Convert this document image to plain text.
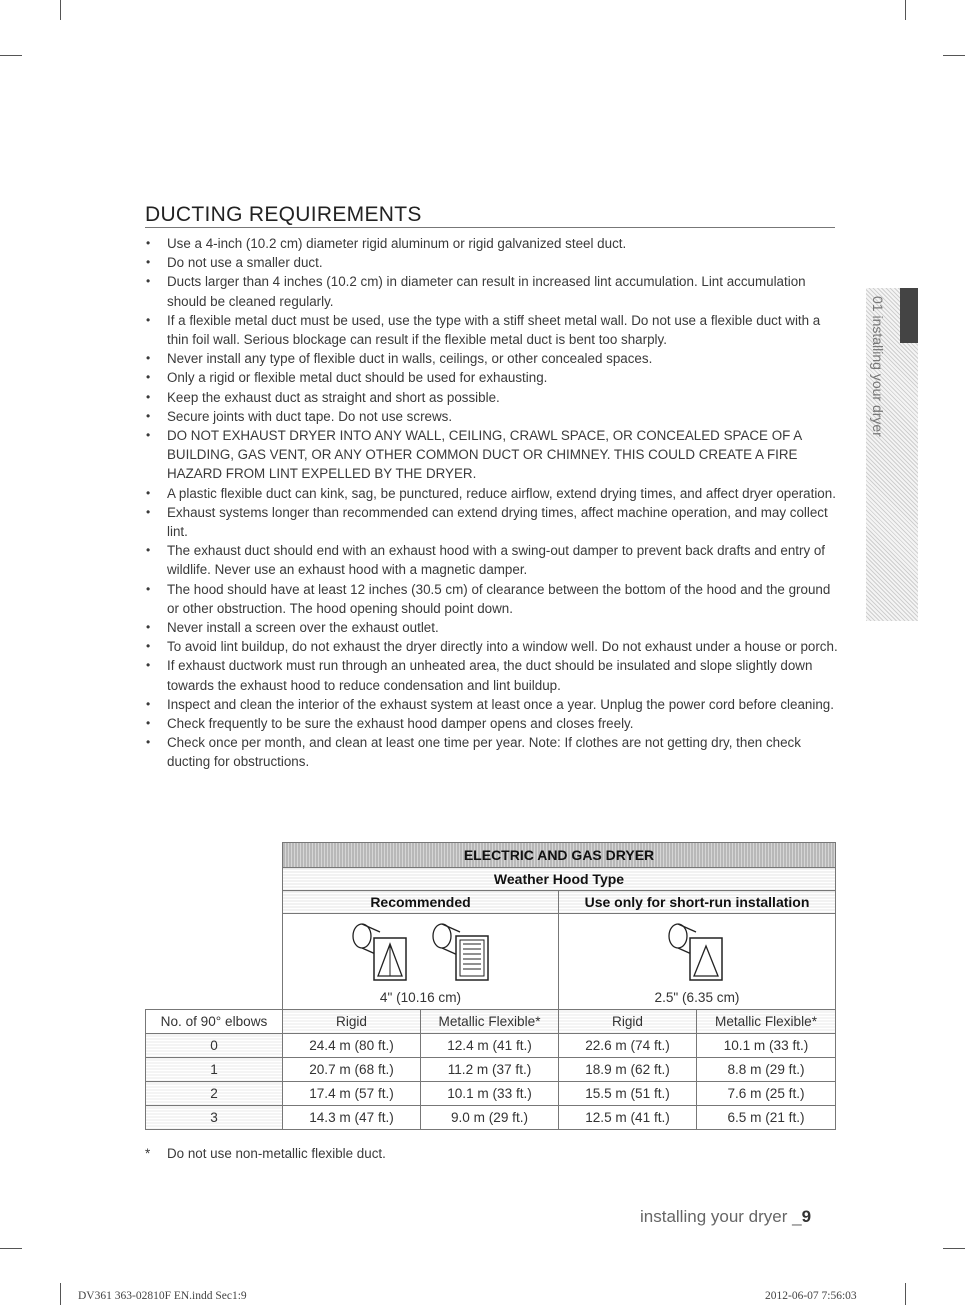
DUCTING REQUIREMENTS
• Use a 4-inch (10.2 cm) diameter rigid aluminum or rigid galvanized steel duct.
• Do not use a smaller duct.
• Ducts larger than 4 inches (10.2 cm) in diameter can result in increased lint accumulation. Lint accumulation should be cleaned regularly.
• If a flexible metal duct must be used, use the type with a stiff sheet metal wall. Do not use a flexible duct with a thin foil wall. Serious blockage can result if the flexible metal duct is bent too sharply.
• Never install any type of flexible duct in walls, ceilings, or other concealed spaces.
• Only a rigid or flexible metal duct should be used for exhausting.
• Keep the exhaust duct as straight and short as possible.
• Secure joints with duct tape. Do not use screws.
• DO NOT EXHAUST DRYER INTO ANY WALL, CEILING, CRAWL SPACE, OR CONCEALED SPACE OF A BUILDING, GAS VENT, OR ANY OTHER COMMON DUCT OR CHIMNEY. THIS COULD CREATE A FIRE HAZARD FROM LINT EXPELLED BY THE DRYER.
• A plastic flexible duct can kink, sag, be punctured, reduce airflow, extend drying times, and affect dryer operation.
• Exhaust systems longer than recommended can extend drying times, affect machine operation, and may collect lint.
• The exhaust duct should end with an exhaust hood with a swing-out damper to prevent back drafts and entry of wildlife. Never use an exhaust hood with a magnetic damper.
• The hood should have at least 12 inches (30.5 cm) of clearance between the bottom of the hood and the ground or other obstruction. The hood opening should point down.
• Never install a screen over the exhaust outlet.
• To avoid lint buildup, do not exhaust the dryer directly into a window well. Do not exhaust under a house or porch.
• If exhaust ductwork must run through an unheated area, the duct should be insulated and slope slightly down towards the exhaust hood to reduce condensation and lint buildup.
• Inspect and clean the interior of the exhaust system at least once a year. Unplug the power cord before cleaning.
• Check frequently to be sure the exhaust hood damper opens and closes freely.
• Check once per month, and clean at least one time per year. Note: If clothes are not getting dry, then check ducting for obstructions.
01 installing your dryer
	ELECTRIC AND GAS DRYER			
	Weather Hood Type			
	Recommended		Use only for short-run installation	

	4" (10.16 cm)		2.5" (6.35 cm)	

No. of 90° elbows	Rigid	Metallic Flexible*	Rigid	Metallic Flexible*
0	24.4 m (80 ft.)	12.4 m (41 ft.)	22.6 m (74 ft.)	10.1 m (33 ft.)
1	20.7 m (68 ft.)	11.2 m (37 ft.)	18.9 m (62 ft.)	8.8 m (29 ft.)
2	17.4 m (57 ft.)	10.1 m (33 ft.)	15.5 m (51 ft.)	7.6 m (25 ft.)
3	14.3 m (47 ft.)	9.0 m (29 ft.)	12.5 m (41 ft.)	6.5 m (21 ft.)
* Do not use non-metallic flexible duct.
installing your dryer _9
DV361 363-02810F EN.indd Sec1:9	2012-06-07 7:56:03
